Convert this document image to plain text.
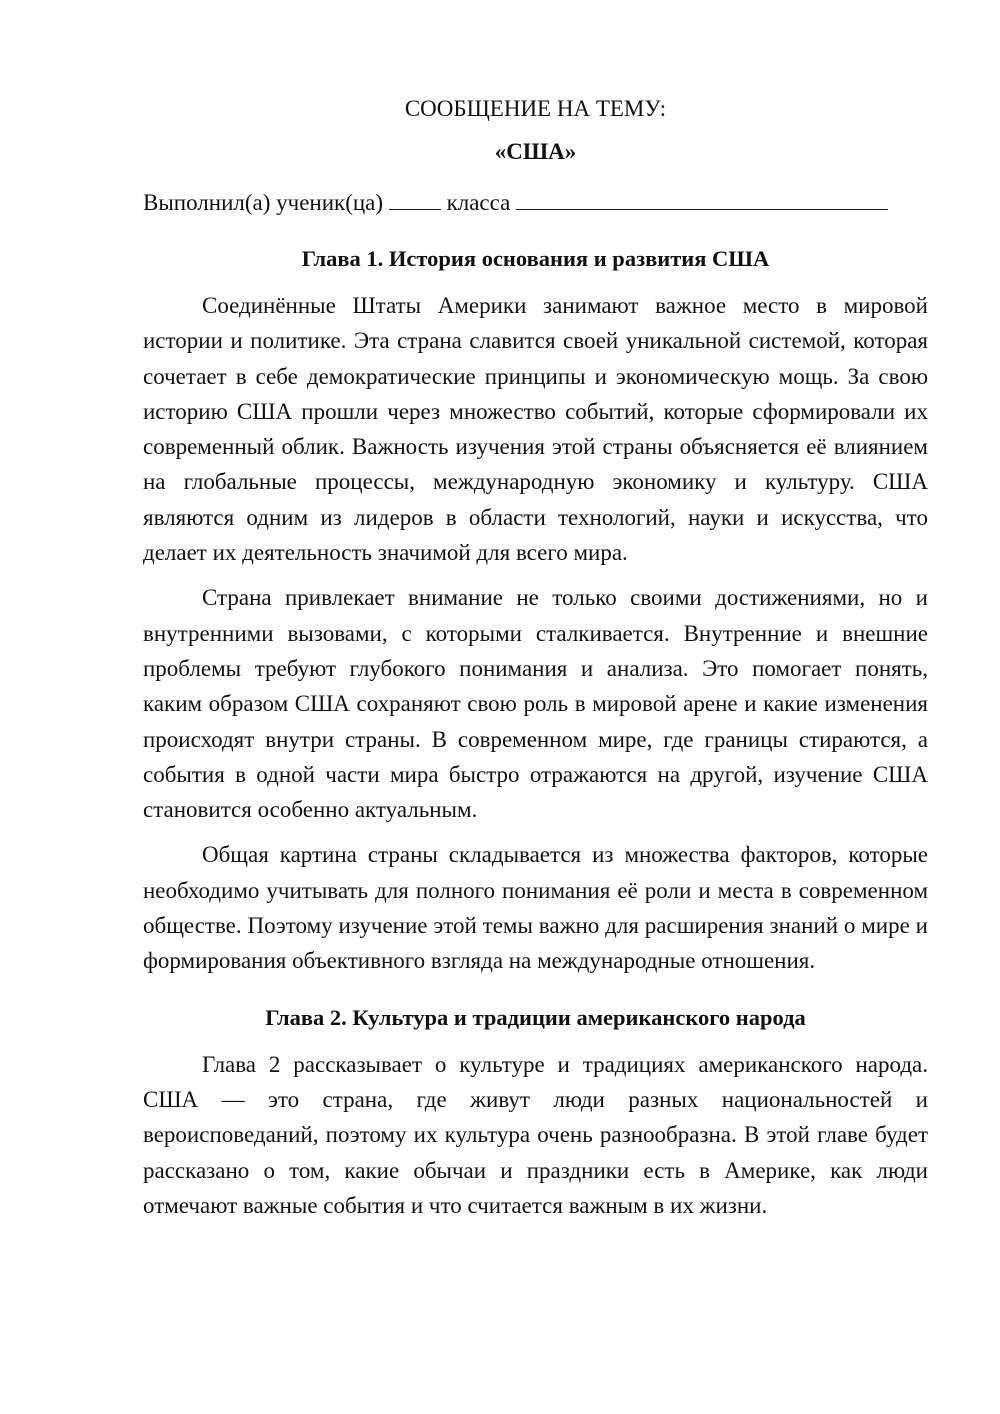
СООБЩЕНИЕ НА ТЕМУ:
«США»

Выполнил(а) ученик(ца)	класса

Глава 1. История основания и развития США

Соединённые Штаты Америки занимают важное место в мировой истории и политике. Эта страна славится своей уникальной системой, которая сочетает в себе демократические принципы и экономическую мощь. За свою историю США прошли через множество событий, которые сформировали их современный облик. Важность изучения этой страны объясняется её влиянием на глобальные процессы, международную экономику и культуру. США являются одним из лидеров в области технологий, науки и искусства, что делает их деятельность значимой для всего мира.

Страна привлекает внимание не только своими достижениями, но и внутренними вызовами, с которыми сталкивается. Внутренние и внешние проблемы требуют глубокого понимания и анализа. Это помогает понять, каким образом США сохраняют свою роль в мировой арене и какие изменения происходят внутри страны. В современном мире, где границы стираются, а события в одной части мира быстро отражаются на другой, изучение США становится особенно актуальным.

Общая картина страны складывается из множества факторов, которые необходимо учитывать для полного понимания её роли и места в современном обществе. Поэтому изучение этой темы важно для расширения знаний о мире и формирования объективного взгляда на международные отношения.

Глава 2. Культура и традиции американского народа

Глава 2 рассказывает о культуре и традициях американского народа. США — это страна, где живут люди разных национальностей и вероисповеданий, поэтому их культура очень разнообразна. В этой главе будет рассказано о том, какие обычаи и праздники есть в Америке, как люди отмечают важные события и что считается важным в их жизни.
